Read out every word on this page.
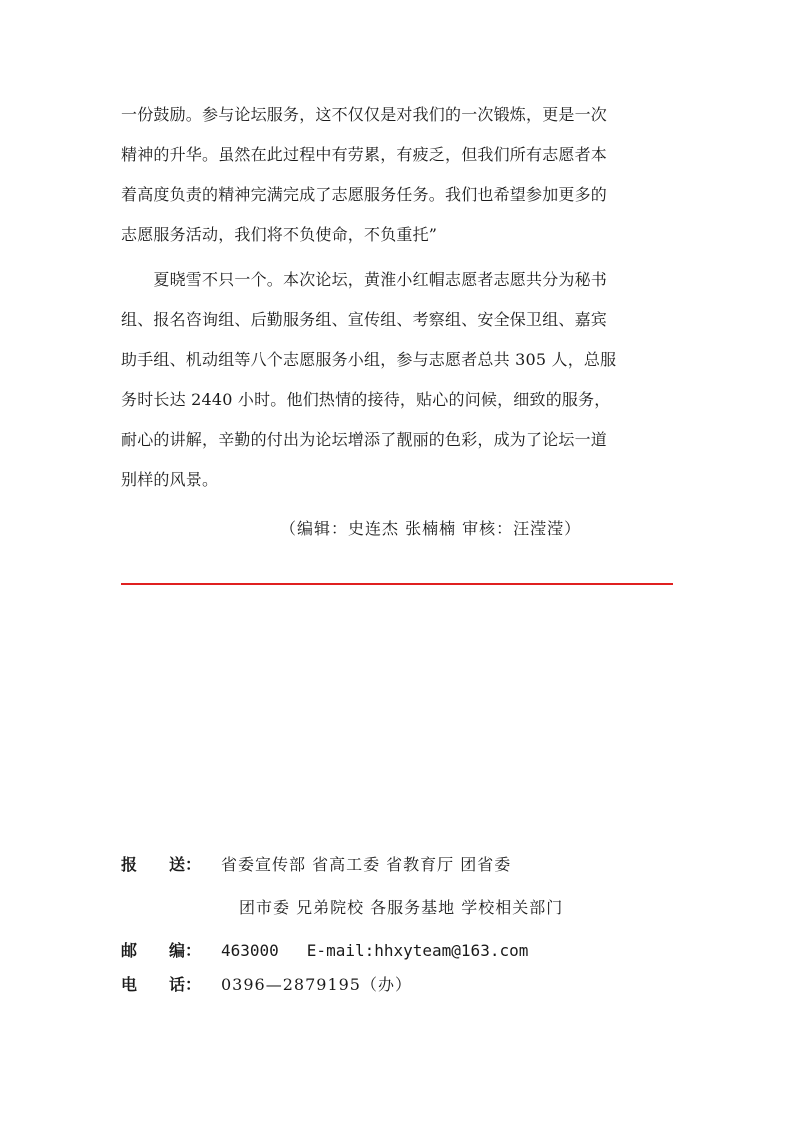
一份鼓励。参与论坛服务，这不仅仅是对我们的一次锻炼，更是一次
精神的升华。虽然在此过程中有劳累，有疲乏，但我们所有志愿者本
着高度负责的精神完满完成了志愿服务任务。我们也希望参加更多的
志愿服务活动，我们将不负使命，不负重托”
　　夏晓雪不只一个。本次论坛，黄淮小红帽志愿者志愿共分为秘书
组、报名咨询组、后勤服务组、宣传组、考察组、安全保卫组、嘉宾
助手组、机动组等八个志愿服务小组，参与志愿者总共 305 人，总服
务时长达 2440 小时。他们热情的接待，贴心的问候，细致的服务，
耐心的讲解，辛勤的付出为论坛增添了靓丽的色彩，成为了论坛一道
别样的风景。
（编辑：史连杰 张楠楠 审核：汪滢滢）
报　　送： 省委宣传部 省高工委 省教育厅 团省委
团市委 兄弟院校 各服务基地 学校相关部门
邮　　编： 463000 E-mail:hhxyteam@163.com
电　　话： 0396—2879195（办）
